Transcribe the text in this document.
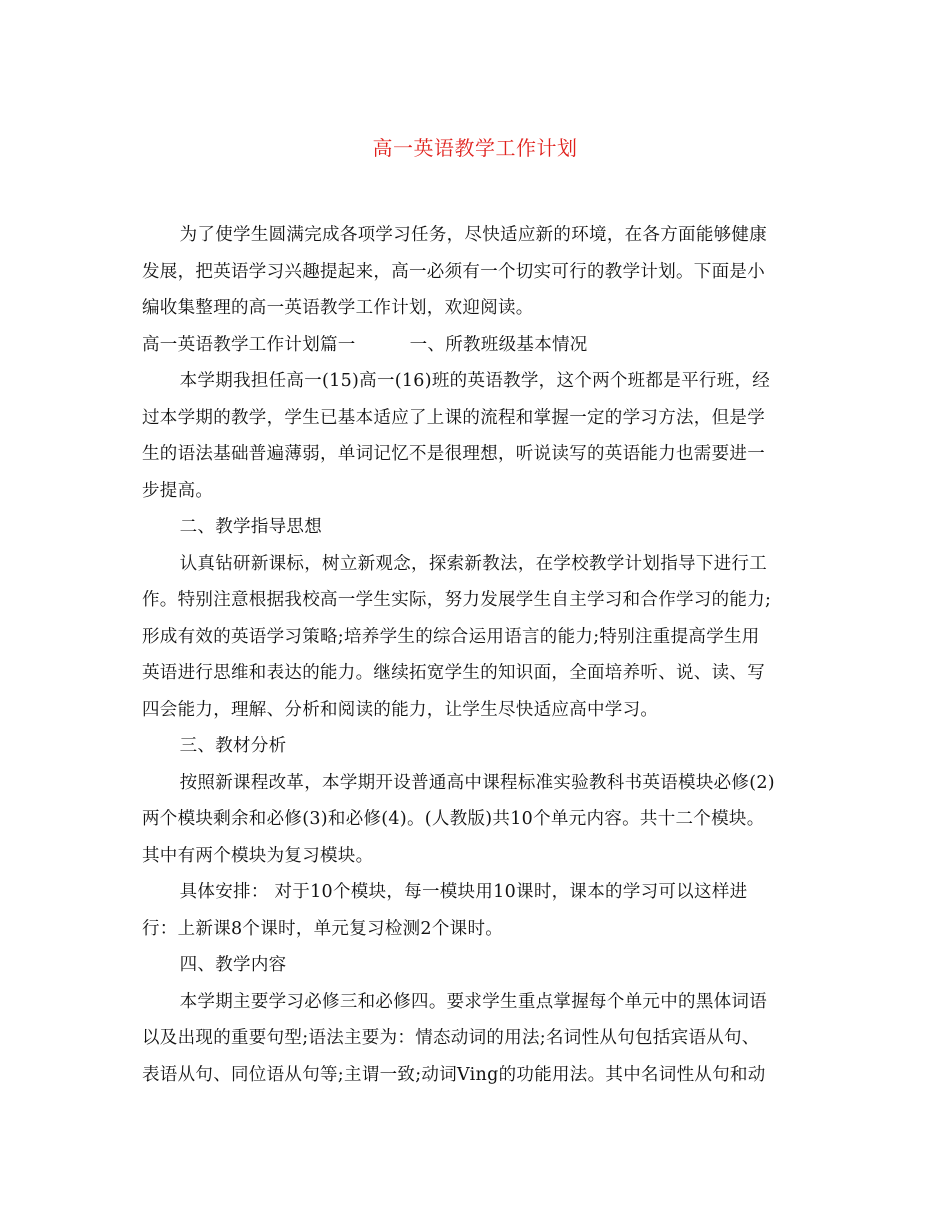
高一英语教学工作计划

为了使学生圆满完成各项学习任务，尽快适应新的环境，在各方面能够健康
发展，把英语学习兴趣提起来，高一必须有一个切实可行的教学计划。下面是小
编收集整理的高一英语教学工作计划，欢迎阅读。

高一英语教学工作计划篇一	一、所教班级基本情况

本学期我担任高一(15)高一(16)班的英语教学，这个两个班都是平行班，经
过本学期的教学，学生已基本适应了上课的流程和掌握一定的学习方法，但是学
生的语法基础普遍薄弱，单词记忆不是很理想，听说读写的英语能力也需要进一
步提高。

二、教学指导思想

认真钻研新课标，树立新观念，探索新教法，在学校教学计划指导下进行工
作。特别注意根据我校高一学生实际，努力发展学生自主学习和合作学习的能力;
形成有效的英语学习策略;培养学生的综合运用语言的能力;特别注重提高学生用
英语进行思维和表达的能力。继续拓宽学生的知识面，全面培养听、说、读、写
四会能力，理解、分析和阅读的能力，让学生尽快适应高中学习。

三、教材分析

按照新课程改革，本学期开设普通高中课程标准实验教科书英语模块必修(2)
两个模块剩余和必修(3)和必修(4)。(人教版)共10个单元内容。共十二个模块。
其中有两个模块为复习模块。

具体安排： 对于10个模块，每一模块用10课时，课本的学习可以这样进
行：上新课8个课时，单元复习检测2个课时。

四、教学内容

本学期主要学习必修三和必修四。要求学生重点掌握每个单元中的黑体词语
以及出现的重要句型;语法主要为：情态动词的用法;名词性从句包括宾语从句、
表语从句、同位语从句等;主谓一致;动词Ving的功能用法。其中名词性从句和动
